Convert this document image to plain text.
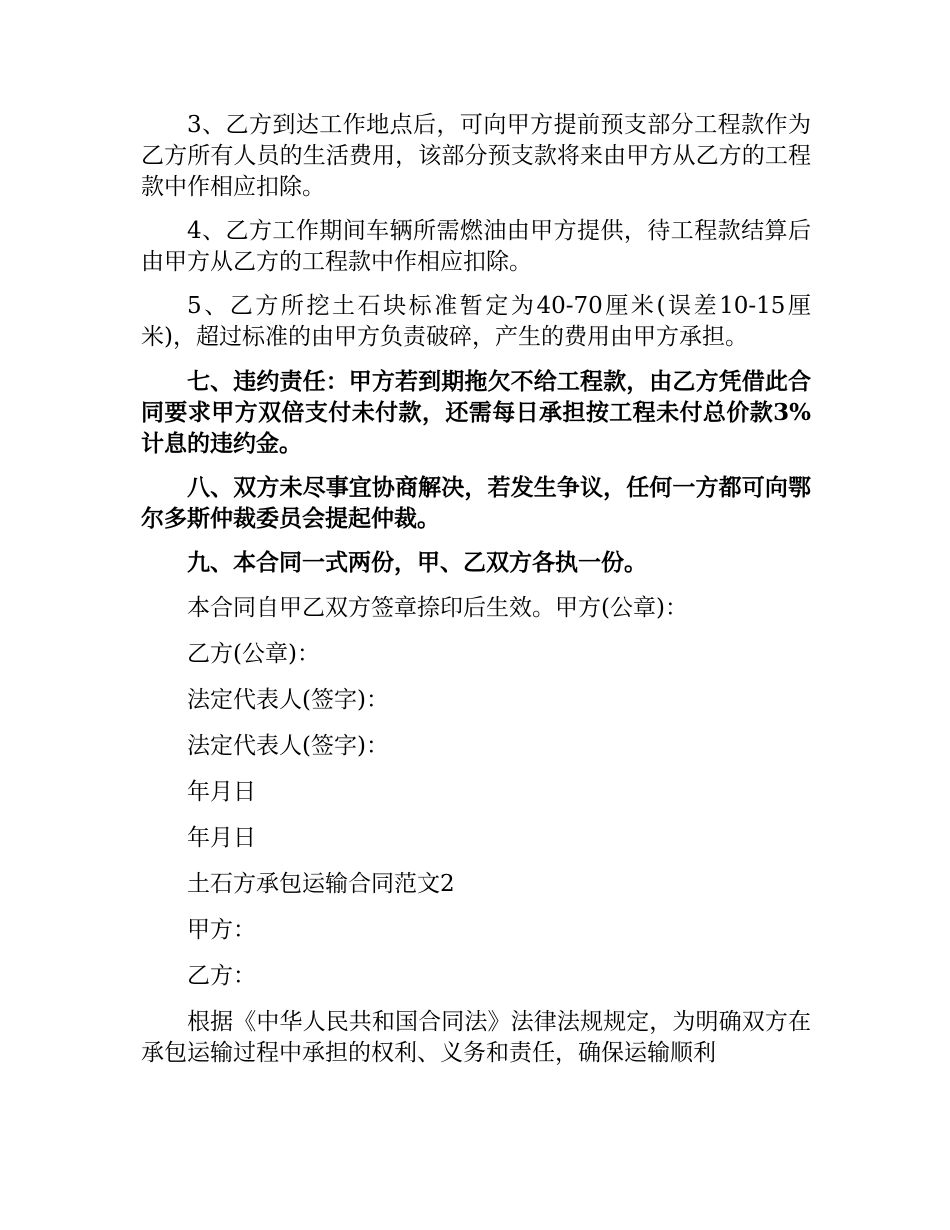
3、乙方到达工作地点后，可向甲方提前预支部分工程款作为乙方所有人员的生活费用，该部分预支款将来由甲方从乙方的工程款中作相应扣除。

4、乙方工作期间车辆所需燃油由甲方提供，待工程款结算后由甲方从乙方的工程款中作相应扣除。

5、乙方所挖土石块标准暂定为40-70厘米(误差10-15厘米)，超过标准的由甲方负责破碎，产生的费用由甲方承担。

七、违约责任：甲方若到期拖欠不给工程款，由乙方凭借此合同要求甲方双倍支付未付款，还需每日承担按工程未付总价款3%计息的违约金。

八、双方未尽事宜协商解决，若发生争议，任何一方都可向鄂尔多斯仲裁委员会提起仲裁。

九、本合同一式两份，甲、乙双方各执一份。

本合同自甲乙双方签章捺印后生效。甲方(公章)：

乙方(公章)：

法定代表人(签字)：

法定代表人(签字)：

年月日

年月日

土石方承包运输合同范文2

甲方：

乙方：

根据《中华人民共和国合同法》法律法规规定，为明确双方在承包运输过程中承担的权利、义务和责任，确保运输顺利
